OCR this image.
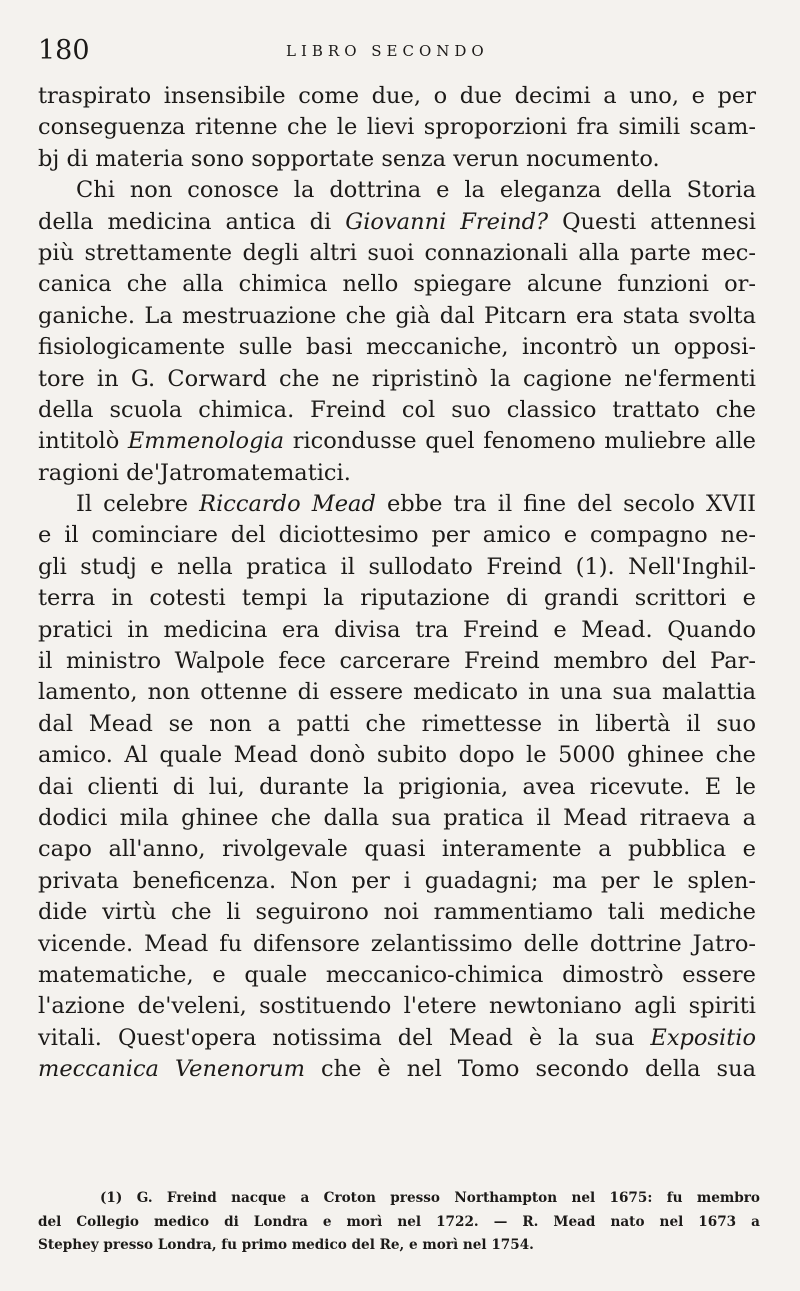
180	LIBRO SECONDO
traspirato insensibile come due, o due decimi a uno, e per
conseguenza ritenne che le lievi sproporzioni fra simili scam-
bj di materia sono sopportate senza verun nocumento.
Chi non conosce la dottrina e la eleganza della Storia
della medicina antica di Giovanni Freind? Questi attennesi
più strettamente degli altri suoi connazionali alla parte mec-
canica che alla chimica nello spiegare alcune funzioni or-
ganiche. La mestruazione che già dal Pitcarn era stata svolta
fisiologicamente sulle basi meccaniche, incontrò un opposi-
tore in G. Corward che ne ripristinò la cagione ne'fermenti
della scuola chimica. Freind col suo classico trattato che
intitolò Emmenologia ricondusse quel fenomeno muliebre alle
ragioni de'Jatromatematici.
Il celebre Riccardo Mead ebbe tra il fine del secolo XVII
e il cominciare del diciottesimo per amico e compagno ne-
gli studj e nella pratica il sullodato Freind (1). Nell'Inghil-
terra in cotesti tempi la riputazione di grandi scrittori e
pratici in medicina era divisa tra Freind e Mead. Quando
il ministro Walpole fece carcerare Freind membro del Par-
lamento, non ottenne di essere medicato in una sua malattia
dal Mead se non a patti che rimettesse in libertà il suo
amico. Al quale Mead donò subito dopo le 5000 ghinee che
dai clienti di lui, durante la prigionia, avea ricevute. E le
dodici mila ghinee che dalla sua pratica il Mead ritraeva a
capo all'anno, rivolgevale quasi interamente a pubblica e
privata beneficenza. Non per i guadagni; ma per le splen-
dide virtù che li seguirono noi rammentiamo tali mediche
vicende. Mead fu difensore zelantissimo delle dottrine Jatro-
matematiche, e quale meccanico-chimica dimostrò essere
l'azione de'veleni, sostituendo l'etere newtoniano agli spiriti
vitali. Quest'opera notissima del Mead è la sua Expositio
meccanica Venenorum che è nel Tomo secondo della sua
(1) G. Freind nacque a Croton presso Northampton nel 1675: fu membro
del Collegio medico di Londra e morì nel 1722. — R. Mead nato nel 1673 a
Stephey presso Londra, fu primo medico del Re, e morì nel 1754.
